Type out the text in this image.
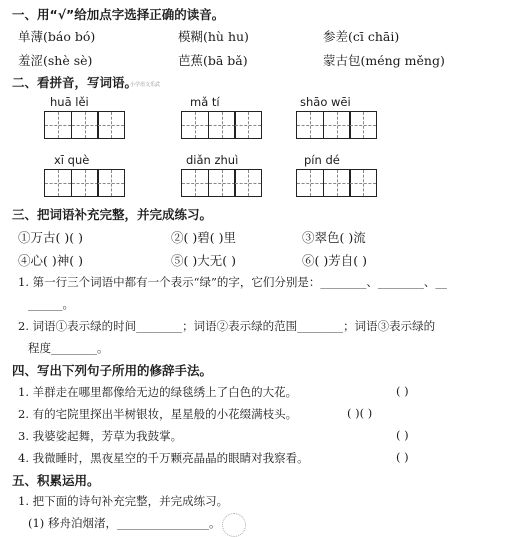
一、用“√”给加点字选择正确的读音。
单薄(báo bó)	模糊(hù hu)	参差(cī chāi)
羞涩(shè sè)	芭蕉(bā bǎ)	蒙古包(méng měng)
二、看拼音，写词语。
小学语文乐武
huā lěi	mǎ tí	shāo wēi
xī què	diǎn zhuì	pín dé
三、把词语补充完整，并完成练习。
①万古( )( )	②( )碧( )里	③翠色( )流
④心( )神( )	⑤( )大无( )	⑥( )芳自( )
1. 第一行三个词语中都有一个表示“绿”的字，它们分别是：________、________、__
______。
2. 词语①表示绿的时间________；词语②表示绿的范围________；词语③表示绿的
程度________。
四、写出下列句子所用的修辞手法。
1. 羊群走在哪里都像给无边的绿毯绣上了白色的大花。	( )
2. 有的宅院里探出半树银妆，星星般的小花缀满枝头。	( )( )
3. 我婆娑起舞，芳草为我鼓掌。	( )
4. 我微睡时，黑夜星空的千万颗亮晶晶的眼睛对我察看。	( )
五、积累运用。
1. 把下面的诗句补充完整，并完成练习。
(1) 移舟泊烟渚，________________。
